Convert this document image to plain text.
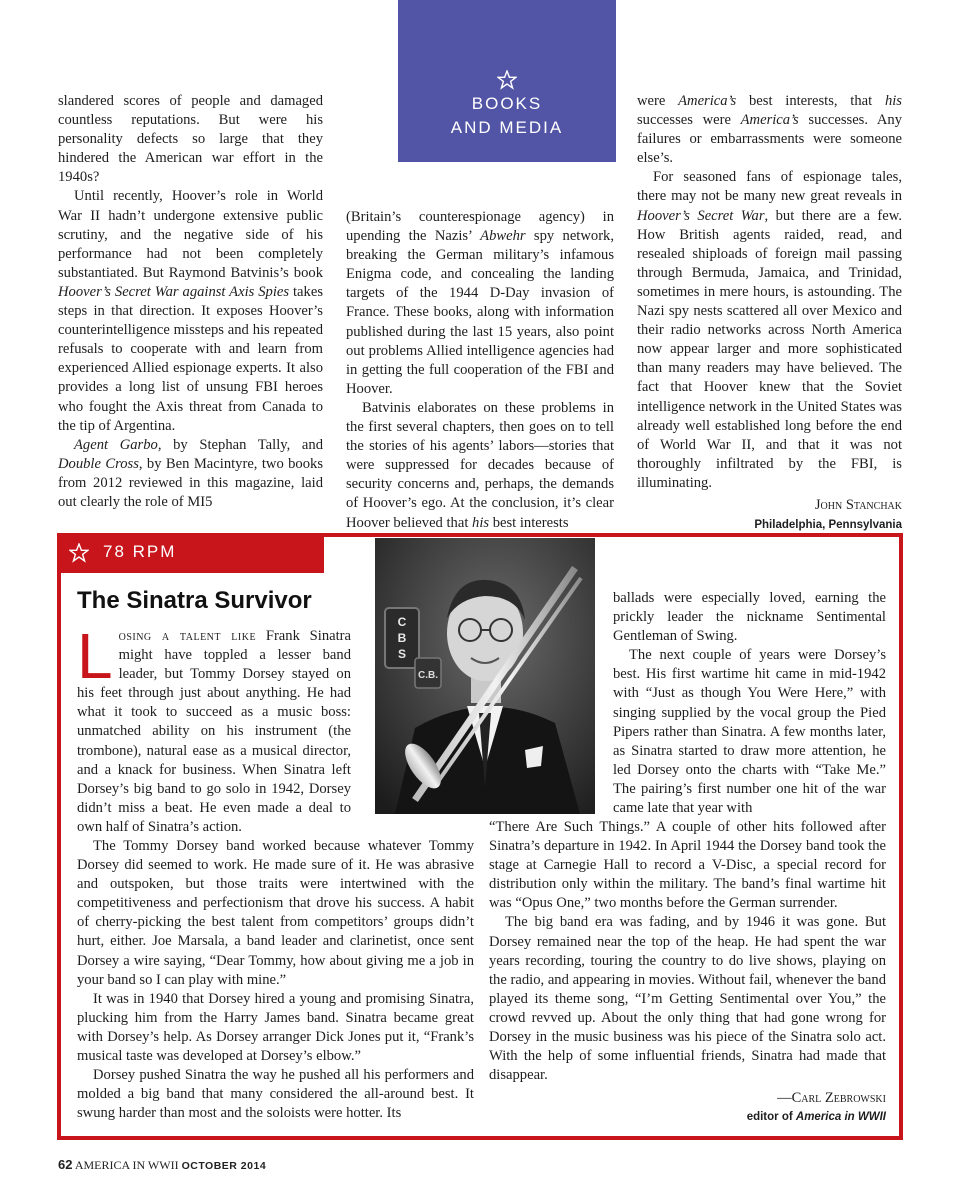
slandered scores of people and damaged countless reputations. But were his personality defects so large that they hindered the American war effort in the 1940s?

Until recently, Hoover’s role in World War II hadn’t undergone extensive public scrutiny, and the negative side of his performance had not been completely substantiated. But Raymond Batvinis’s book Hoover’s Secret War against Axis Spies takes steps in that direction. It exposes Hoover’s counterintelligence missteps and his repeated refusals to cooperate with and learn from experienced Allied espionage experts. It also provides a long list of unsung FBI heroes who fought the Axis threat from Canada to the tip of Argentina.

Agent Garbo, by Stephan Tally, and Double Cross, by Ben Macintyre, two books from 2012 reviewed in this magazine, laid out clearly the role of MI5

BOOKS
AND MEDIA

(Britain’s counterespionage agency) in upending the Nazis’ Abwehr spy network, breaking the German military’s infamous Enigma code, and concealing the landing targets of the 1944 D-Day invasion of France. These books, along with information published during the last 15 years, also point out problems Allied intelligence agencies had in getting the full cooperation of the FBI and Hoover.

Batvinis elaborates on these problems in the first several chapters, then goes on to tell the stories of his agents’ labors—stories that were suppressed for decades because of security concerns and, perhaps, the demands of Hoover’s ego. At the conclusion, it’s clear Hoover believed that his best interests

were America’s best interests, that his successes were America’s successes. Any failures or embarrassments were someone else’s.

For seasoned fans of espionage tales, there may not be many new great reveals in Hoover’s Secret War, but there are a few. How British agents raided, read, and resealed shiploads of foreign mail passing through Bermuda, Jamaica, and Trinidad, sometimes in mere hours, is astounding. The Nazi spy nests scattered all over Mexico and their radio networks across North America now appear larger and more sophisticated than many readers may have believed. The fact that Hoover knew that the Soviet intelligence network in the United States was already well established long before the end of World War II, and that it was not thoroughly infiltrated by the FBI, is illuminating.

John Stanchak
Philadelphia, Pennsylvania
78 RPM
The Sinatra Survivor
C
B
S
C.B.

Losing a talent like Frank Sinatra might have toppled a lesser band leader, but Tommy Dorsey stayed on his feet through just about anything. He had what it took to succeed as a music boss: unmatched ability on his instrument (the trombone), natural ease as a musical director, and a knack for business. When Sinatra left Dorsey’s big band to go solo in 1942, Dorsey didn’t miss a beat. He even made a deal to own half of Sinatra’s action.

The Tommy Dorsey band worked because whatever Tommy Dorsey did seemed to work. He made sure of it. He was abrasive and outspoken, but those traits were intertwined with the competitiveness and perfectionism that drove his success. A habit of cherry-picking the best talent from competitors’ groups didn’t hurt, either. Joe Marsala, a band leader and clarinetist, once sent Dorsey a wire saying, “Dear Tommy, how about giving me a job in your band so I can play with mine.”

It was in 1940 that Dorsey hired a young and promising Sinatra, plucking him from the Harry James band. Sinatra became great with Dorsey’s help. As Dorsey arranger Dick Jones put it, “Frank’s musical taste was developed at Dorsey’s elbow.”

Dorsey pushed Sinatra the way he pushed all his performers and molded a big band that many considered the all-around best. It swung harder than most and the soloists were hotter. Its

ballads were especially loved, earning the prickly leader the nickname Sentimental Gentleman of Swing.

The next couple of years were Dorsey’s best. His first wartime hit came in mid-1942 with “Just as though You Were Here,” with singing supplied by the vocal group the Pied Pipers rather than Sinatra. A few months later, as Sinatra started to draw more attention, he led Dorsey onto the charts with “Take Me.” The pairing’s first number one hit of the war came late that year with

“There Are Such Things.” A couple of other hits followed after Sinatra’s departure in 1942. In April 1944 the Dorsey band took the stage at Carnegie Hall to record a V-Disc, a special record for distribution only within the military. The band’s final wartime hit was “Opus One,” two months before the German surrender.

The big band era was fading, and by 1946 it was gone. But Dorsey remained near the top of the heap. He had spent the war years recording, touring the country to do live shows, playing on the radio, and appearing in movies. Without fail, whenever the band played its theme song, “I’m Getting Sentimental over You,” the crowd revved up. About the only thing that had gone wrong for Dorsey in the music business was his piece of the Sinatra solo act. With the help of some influential friends, Sinatra had made that disappear.

—Carl Zebrowski
editor of America in WWII
62 AMERICA IN WWII OCTOBER 2014
